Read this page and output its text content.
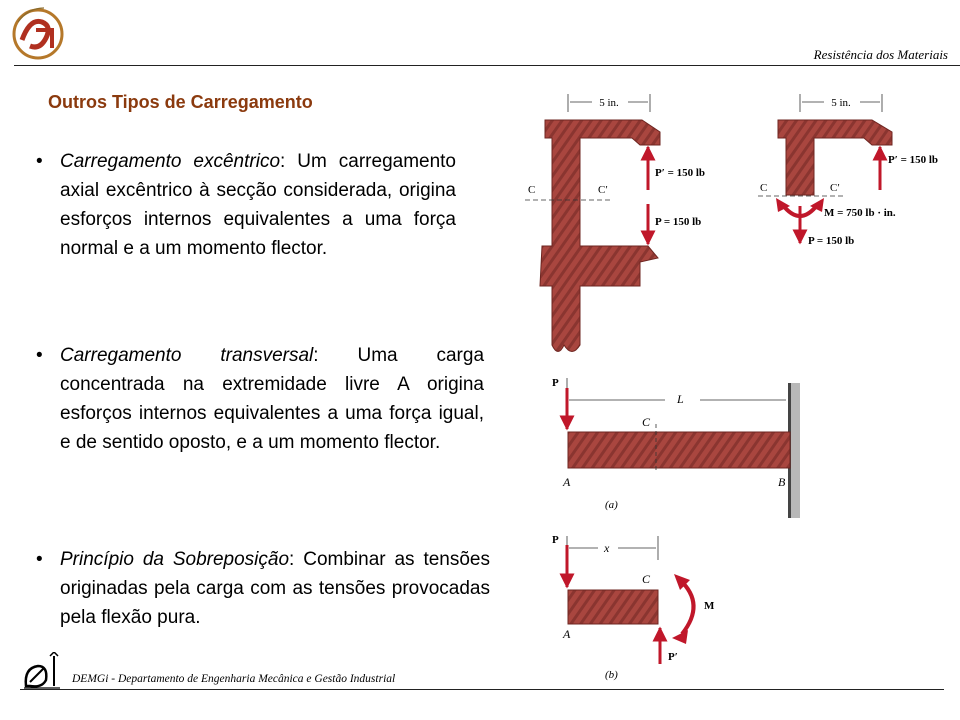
Resistência dos Materiais
Outros Tipos de Carregamento
• Carregamento excêntrico: Um carregamento axial excêntrico à secção considerada, origina esforços internos equivalentes a uma força normal e a um momento flector.
• Carregamento transversal: Uma carga concentrada na extremidade livre A origina esforços internos equivalentes a uma força igual, e de sentido oposto, e a um momento flector.
• Princípio da Sobreposição: Combinar as tensões originadas pela carga com as tensões provocadas pela flexão pura.
5 in.
C	C′
P′ = 150 lb
P = 150 lb
5 in.
C	C′
P′ = 150 lb
M = 750 lb · in.
P = 150 lb
L
P
C
A	B
(a)
x
P
C
A
M
P′
(b)
DEMGi - Departamento de Engenharia Mecânica e Gestão Industrial
